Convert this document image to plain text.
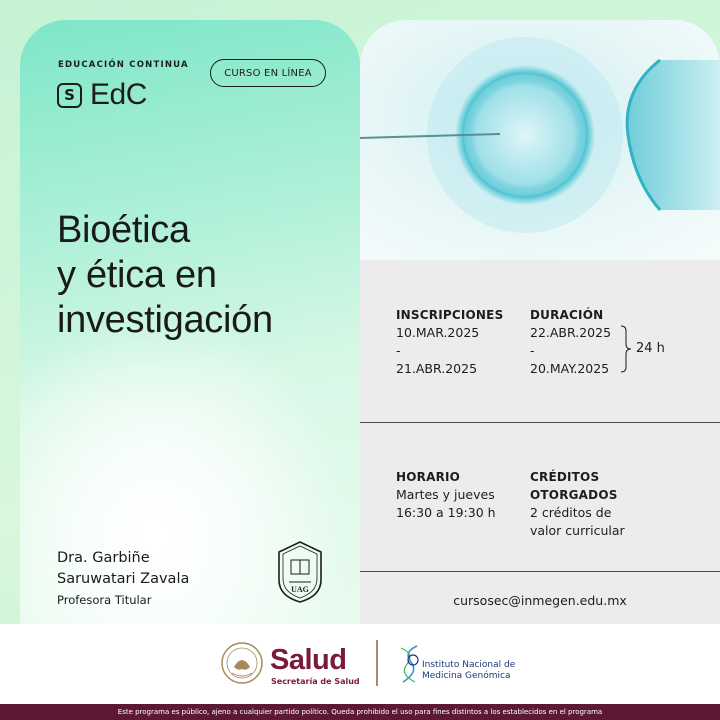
EDUCACIÓN CONTINUA
S EdC
CURSO EN LÍNEA
Bioética
y ética en
investigación
Dra. Garbiñe
Saruwatari Zavala
Profesora Titular
UAG
INSCRIPCIONES
10.MAR.2025
-
21.ABR.2025
DURACIÓN
22.ABR.2025
-
20.MAY.2025
24 h
HORARIO
Martes y jueves
16:30 a 19:30 h
CRÉDITOS
OTORGADOS
2 créditos de
valor curricular
cursosec@inmegen.edu.mx
Salud
Secretaría de Salud
Instituto Nacional de
Medicina Genómica
Este programa es público, ajeno a cualquier partido político. Queda prohibido el uso para fines distintos a los establecidos en el programa
